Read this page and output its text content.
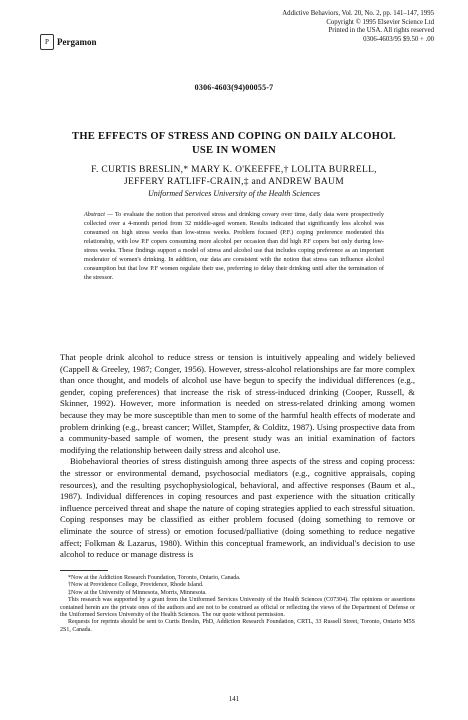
P Pergamon
Addictive Behaviors, Vol. 20, No. 2, pp. 141–147, 1995
Copyright © 1995 Elsevier Science Ltd
Printed in the USA. All rights reserved
0306-4603/95 $9.50 + .00
0306-4603(94)00055-7
THE EFFECTS OF STRESS AND COPING ON DAILY ALCOHOL
USE IN WOMEN
F. CURTIS BRESLIN,* MARY K. O'KEEFFE,† LOLITA BURRELL,
JEFFERY RATLIFF-CRAIN,‡ and ANDREW BAUM
Uniformed Services University of the Health Sciences
Abstract — To evaluate the notion that perceived stress and drinking covary over time, daily data were prospectively collected over a 4-month period from 32 middle-aged women. Results indicated that significantly less alcohol was consumed on high stress weeks than low-stress weeks. Problem focused (P.F.) coping preference moderated this relationship, with low P.F copers consuming more alcohol per occasion than did high P.F copers but only during low-stress weeks. These findings support a model of stress and alcohol use that includes coping preference as an important moderator of women's drinking. In addition, our data are consistent with the notion that stress can influence alcohol consumption but that low P.F women regulate their use, preferring to delay their drinking until after the termination of the stressor.

That people drink alcohol to reduce stress or tension is intuitively appealing and widely believed (Cappell & Greeley, 1987; Conger, 1956). However, stress-alcohol relationships are far more complex than once thought, and models of alcohol use have begun to specify the individual differences (e.g., gender, coping preferences) that increase the risk of stress-induced drinking (Cooper, Russell, & Skinner, 1992). However, more information is needed on stress-related drinking among women because they may be more susceptible than men to some of the harmful health effects of moderate and problem drinking (e.g., breast cancer; Willet, Stampfer, & Colditz, 1987). Using prospective data from a community-based sample of women, the present study was an initial examination of factors modifying the relationship between daily stress and alcohol use.

Biobehavioral theories of stress distinguish among three aspects of the stress and coping process: the stressor or environmental demand, psychosocial mediators (e.g., cognitive appraisals, coping resources), and the resulting psychophysiological, behavioral, and affective responses (Baum et al., 1987). Individual differences in coping resources and past experience with the situation critically influence perceived threat and shape the nature of coping strategies applied to each stressful situation. Coping responses may be classified as either problem focused (doing something to remove or eliminate the source of stress) or emotion focused/palliative (doing something to reduce negative affect; Folkman & Lazarus, 1980). Within this conceptual framework, an individual's decision to use alcohol to reduce or manage distress is

*Now at the Addiction Research Foundation, Toronto, Ontario, Canada.

†Now at Providence College, Providence, Rhode Island.

‡Now at the University of Minnesota, Morris, Minnesota.

This research was supported by a grant from the Uniformed Services University of the Health Sciences (C07304). The opinions or assertions contained herein are the private ones of the authors and are not to be construed as official or reflecting the views of the Department of Defense or the Uniformed Services University of the Health Sciences. The our quote without permission.

Requests for reprints should be sent to Curtis Breslin, PhD, Addiction Research Foundation, CRTL, 33 Russell Street, Toronto, Ontario M5S 2S1, Canada.

141
